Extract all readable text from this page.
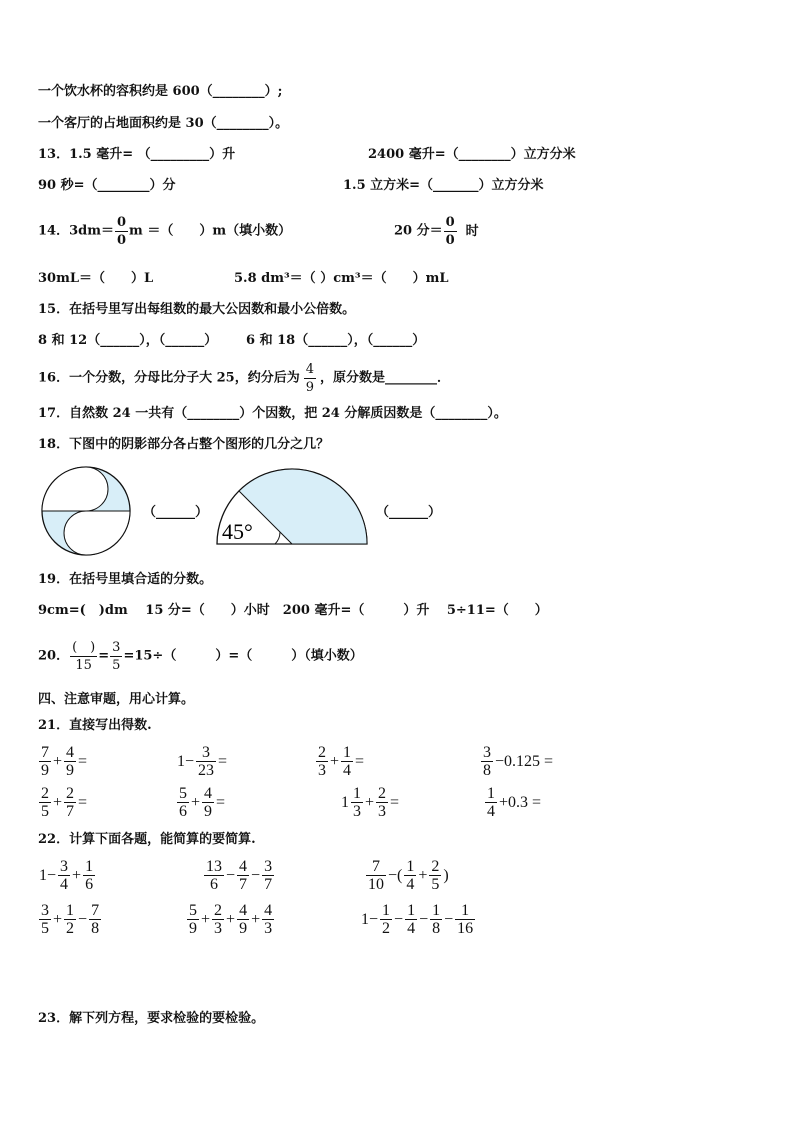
一个饮水杯的容积约是 600（________）;
一个客厅的占地面积约是 30（________）。
13．1.5 毫升= （_________）升	2400 毫升=（________）立方分米
90 秒=（________）分	1.5 立方米=（_______）立方分米
14．$3dm= \frac{0}{0}$ m ＝（　　）m（填小数）	20 分＝ $\frac{0}{0}$ 时
30mL＝（　　）L	5.8 dm³＝（ ）cm³＝（　　）mL
15．在括号里写出每组数的最大公因数和最小公倍数。
8 和 12（______），（______） 6 和 18（______），（______）
16．一个分数，分母比分子大 25，约分后为 $\frac{4}{9}$ ，原分数是________．
17．自然数 24 一共有（________）个因数，把 24 分解质因数是（________）。
18．下图中的阴影部分各占整个图形的几分之几？
（______）
45°
（______）
19．在括号里填合适的分数。
9cm=(　)dm　 15 分=（　　）小时　200 毫升=（　　　）升　 5÷11=（　　）
20．
(　)
15
= $\frac{3}{5} =15\div$（　　　）=（　　　）（填小数）
四、注意审题，用心计算。
21．直接写出得数.
$\frac{7}{9} + \frac{4}{9}$ =	$1- \frac{3}{23}$ =	$\frac{2}{3} + \frac{1}{4}$ =	$\frac{3}{8} -0.125$ =
$\frac{2}{5} + \frac{2}{7}$ =	$\frac{5}{6} + \frac{4}{9}$ =	$1 \frac{1}{3} + \frac{2}{3}$ =	$\frac{1}{4} +0.3$ =
22．计算下面各题，能简算的要简算.
$1- \frac{3}{4} + \frac{1}{6}$	$\frac{13}{6} - \frac{4}{7} - \frac{3}{7}$	$\frac{7}{10}$ −( $\frac{1}{4} + \frac{2}{5}$ )
$\frac{3}{5} + \frac{1}{2} - \frac{7}{8}$	$\frac{5}{9} + \frac{2}{3} + \frac{4}{9} + \frac{4}{3}$	$1- \frac{1}{2} - \frac{1}{4} - \frac{1}{8} - \frac{1}{16}$
23．解下列方程，要求检验的要检验。
